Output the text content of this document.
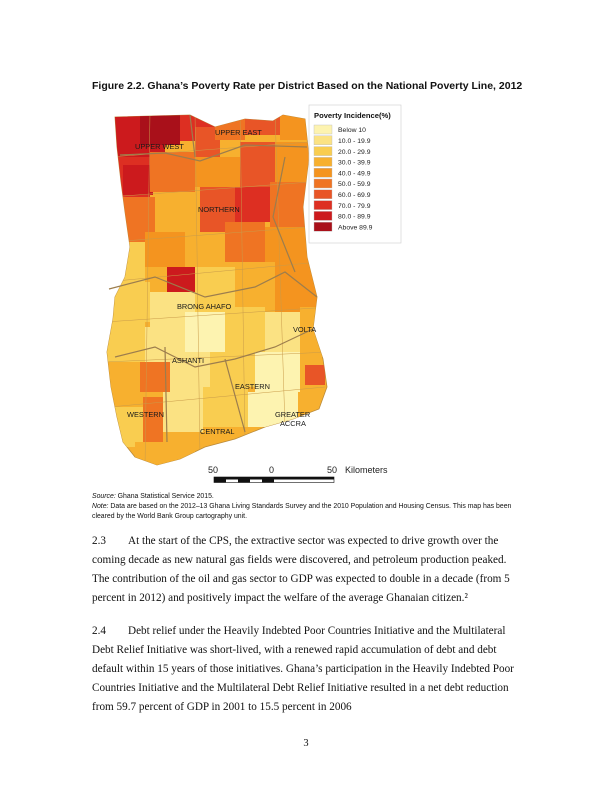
Figure 2.2. Ghana’s Poverty Rate per District Based on the National Poverty Line, 2012
UPPER WEST
UPPER EAST
NORTHERN
BRONG AHAFO
VOLTA
ASHANTI
EASTERN
WESTERN	GREATER
ACCRA
CENTRAL
Poverty Incidence(%)
Below 10
10.0 - 19.9
20.0 - 29.9
30.0 - 39.9
40.0 - 49.9
50.0 - 59.9
60.0 - 69.9
70.0 - 79.9
80.0 - 89.9
Above 89.9
50	0	50 Kilometers
Source: Ghana Statistical Service 2015.
Note: Data are based on the 2012–13 Ghana Living Standards Survey and the 2010 Population and Housing Census. This map has been cleared by the World Bank Group cartography unit.

2.3 At the start of the CPS, the extractive sector was expected to drive growth over the coming decade as new natural gas fields were discovered, and petroleum production peaked. The contribution of the oil and gas sector to GDP was expected to double in a decade (from 5 percent in 2012) and positively impact the welfare of the average Ghanaian citizen.²

2.4 Debt relief under the Heavily Indebted Poor Countries Initiative and the Multilateral Debt Relief Initiative was short-lived, with a renewed rapid accumulation of debt and debt default within 15 years of those initiatives. Ghana’s participation in the Heavily Indebted Poor Countries Initiative and the Multilateral Debt Relief Initiative resulted in a net debt reduction from 59.7 percent of GDP in 2001 to 15.5 percent in 2006

3
